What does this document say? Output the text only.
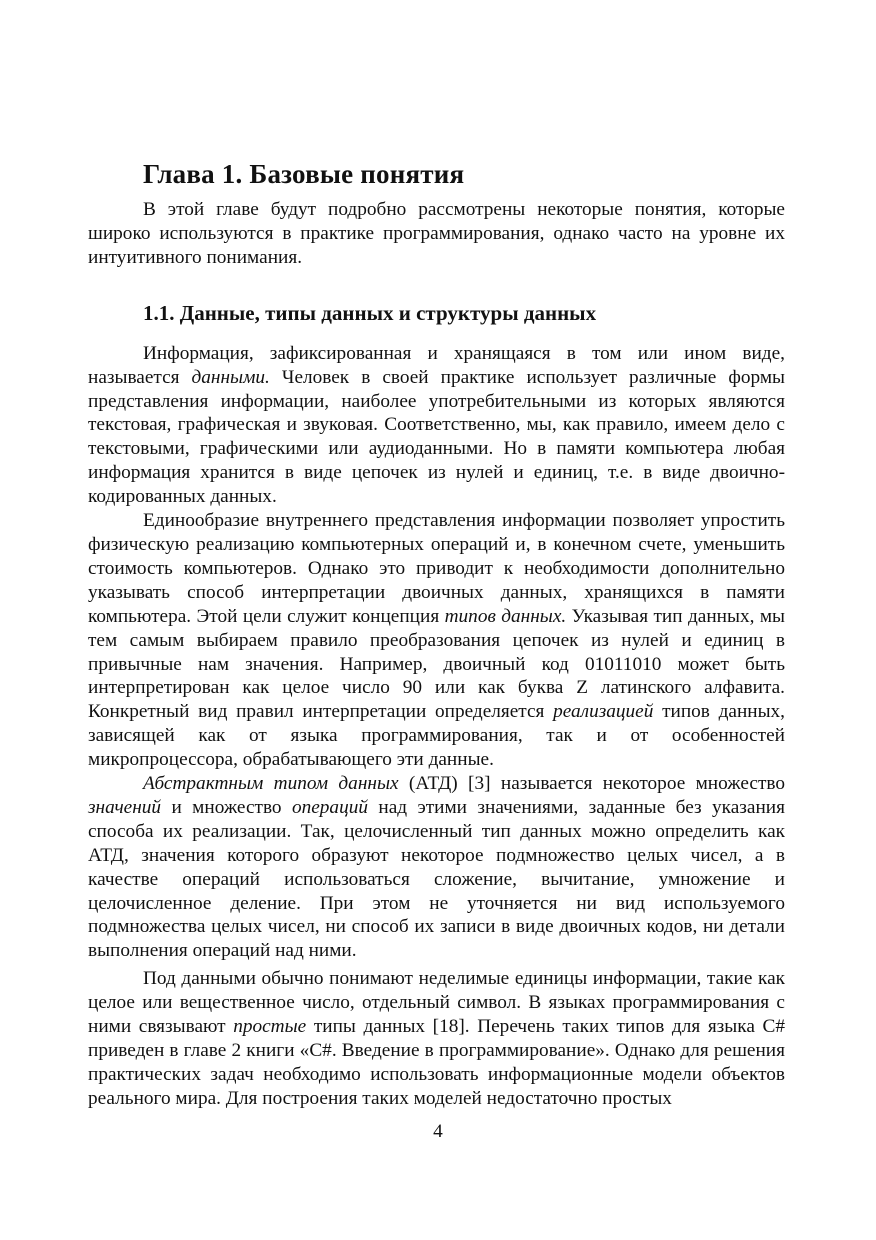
Глава 1. Базовые понятия

В этой главе будут подробно рассмотрены некоторые понятия, которые широко используются в практике программирования, однако часто на уровне их интуитивного понимания.

1.1. Данные, типы данных и структуры данных

Информация, зафиксированная и хранящаяся в том или ином виде, называется данными. Человек в своей практике использует различные формы представления информации, наиболее употребительными из которых являются текстовая, графическая и звуковая. Соответственно, мы, как правило, имеем дело с текстовыми, графическими или аудиоданными. Но в памяти компьютера любая информация хранится в виде цепочек из нулей и единиц, т.е. в виде двоично-кодированных данных.

Единообразие внутреннего представления информации позволяет упростить физическую реализацию компьютерных операций и, в конечном счете, уменьшить стоимость компьютеров. Однако это приводит к необходимости дополнительно указывать способ интерпретации двоичных данных, хранящихся в памяти компьютера. Этой цели служит концепция типов данных. Указывая тип данных, мы тем самым выбираем правило преобразования цепочек из нулей и единиц в привычные нам значения. Например, двоичный код 01011010 может быть интерпретирован как целое число 90 или как буква Z латинского алфавита. Конкретный вид правил интерпретации определяется реализацией типов данных, зависящей как от языка программирования, так и от особенностей микропроцессора, обрабатывающего эти данные.

Абстрактным типом данных (АТД) [3] называется некоторое множество значений и множество операций над этими значениями, заданные без указания способа их реализации. Так, целочисленный тип данных можно определить как АТД, значения которого образуют некоторое подмножество целых чисел, а в качестве операций использоваться сложение, вычитание, умножение и целочисленное деление. При этом не уточняется ни вид используемого подмножества целых чисел, ни способ их записи в виде двоичных кодов, ни детали выполнения операций над ними.

Под данными обычно понимают неделимые единицы информации, такие как целое или вещественное число, отдельный символ. В языках программирования с ними связывают простые типы данных [18]. Перечень таких типов для языка C# приведен в главе 2 книги «C#. Введение в программирование». Однако для решения практических задач необходимо использовать информационные модели объектов реального мира. Для построения таких моделей недостаточно простых

4
